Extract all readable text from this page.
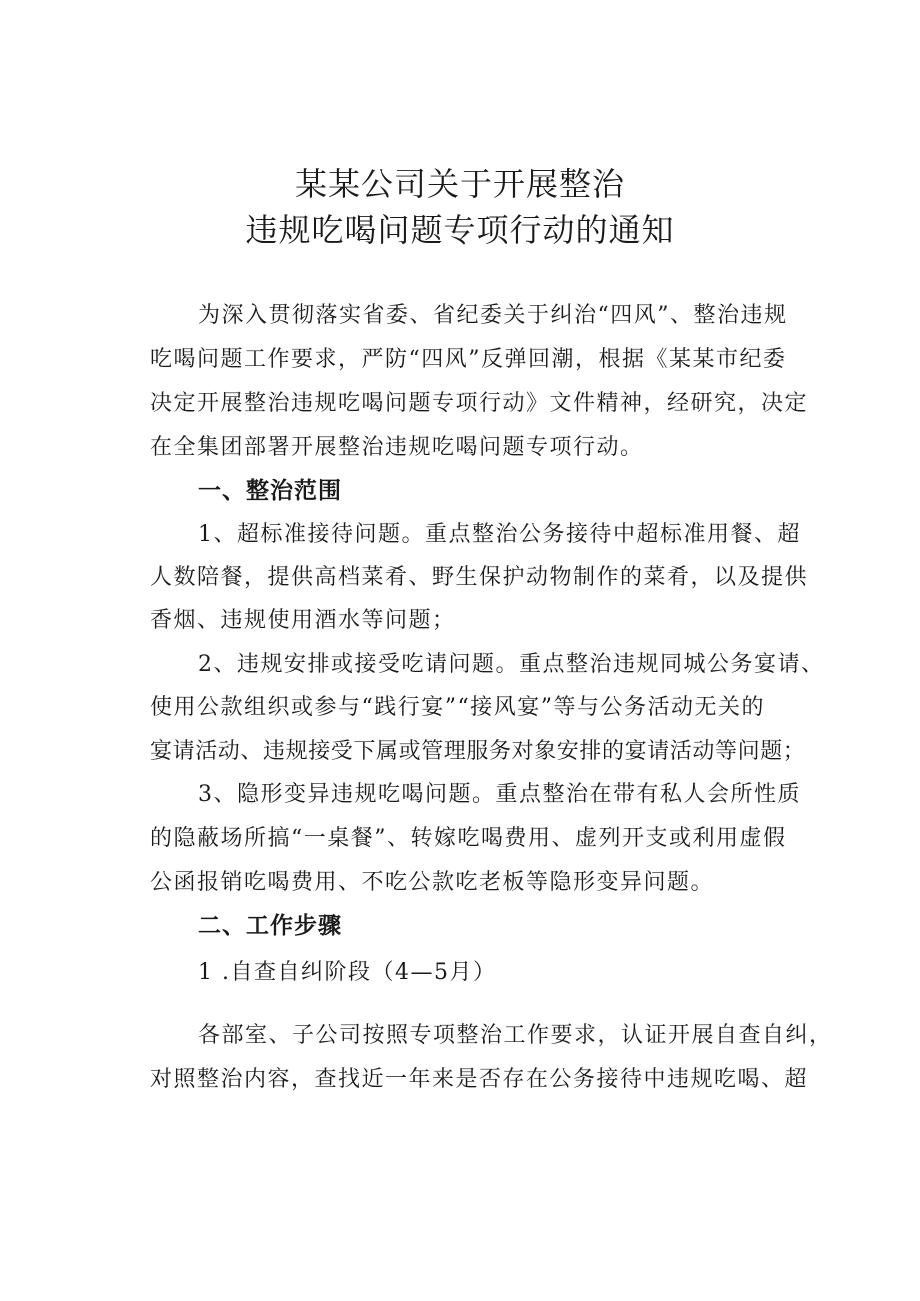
某某公司关于开展整治
违规吃喝问题专项行动的通知
为深入贯彻落实省委、省纪委关于纠治“四风”、整治违规
吃喝问题工作要求，严防“四风”反弹回潮，根据《某某市纪委
决定开展整治违规吃喝问题专项行动》文件精神，经研究，决定
在全集团部署开展整治违规吃喝问题专项行动。
一、整治范围
1、超标准接待问题。重点整治公务接待中超标准用餐、超
人数陪餐，提供高档菜肴、野生保护动物制作的菜肴，以及提供
香烟、违规使用酒水等问题；
2、违规安排或接受吃请问题。重点整治违规同城公务宴请、
使用公款组织或参与“践行宴”“接风宴”等与公务活动无关的
宴请活动、违规接受下属或管理服务对象安排的宴请活动等问题；
3、隐形变异违规吃喝问题。重点整治在带有私人会所性质
的隐蔽场所搞“一桌餐”、转嫁吃喝费用、虚列开支或利用虚假
公函报销吃喝费用、不吃公款吃老板等隐形变异问题。
二、工作步骤
1 .自查自纠阶段（4—5月）
各部室、子公司按照专项整治工作要求，认证开展自查自纠，
对照整治内容，查找近一年来是否存在公务接待中违规吃喝、超
